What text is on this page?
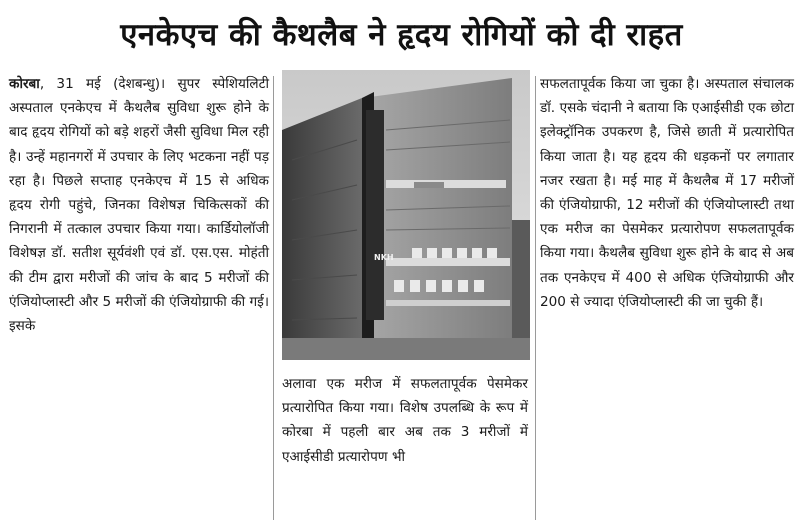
एनकेएच की कैथलैब ने हृदय रोगियों को दी राहत

कोरबा, 31 मई (देशबन्धु)। सुपर स्पेशियलिटी अस्पताल एनकेएच में कैथलैब सुविधा शुरू होने के बाद हृदय रोगियों को बड़े शहरों जैसी सुविधा मिल रही है। उन्हें महानगरों में उपचार के लिए भटकना नहीं पड़ रहा है। पिछले सप्ताह एनकेएच में 15 से अधिक हृदय रोगी पहुंचे, जिनका विशेषज्ञ चिकित्सकों की निगरानी में तत्काल उपचार किया गया। कार्डियोलॉजी विशेषज्ञ डॉ. सतीश सूर्यवंशी एवं डॉ. एस.एस. मोहंती की टीम द्वारा मरीजों की जांच के बाद 5 मरीजों की एंजियोप्लास्टी और 5 मरीजों की एंजियोग्राफी की गई। इसके

NKH

अलावा एक मरीज में सफलतापूर्वक पेसमेकर प्रत्यारोपित किया गया। विशेष उपलब्धि के रूप में कोरबा में पहली बार अब तक 3 मरीजों में एआईसीडी प्रत्यारोपण भी

सफलतापूर्वक किया जा चुका है। अस्पताल संचालक डॉ. एसके चंदानी ने बताया कि एआईसीडी एक छोटा इलेक्ट्रॉनिक उपकरण है, जिसे छाती में प्रत्यारोपित किया जाता है। यह हृदय की धड़कनों पर लगातार नजर रखता है। मई माह में कैथलैब में 17 मरीजों की एंजियोग्राफी, 12 मरीजों की एंजियोप्लास्टी तथा एक मरीज का पेसमेकर प्रत्यारोपण सफलतापूर्वक किया गया। कैथलैब सुविधा शुरू होने के बाद से अब तक एनकेएच में 400 से अधिक एंजियोग्राफी और 200 से ज्यादा एंजियोप्लास्टी की जा चुकी हैं।
